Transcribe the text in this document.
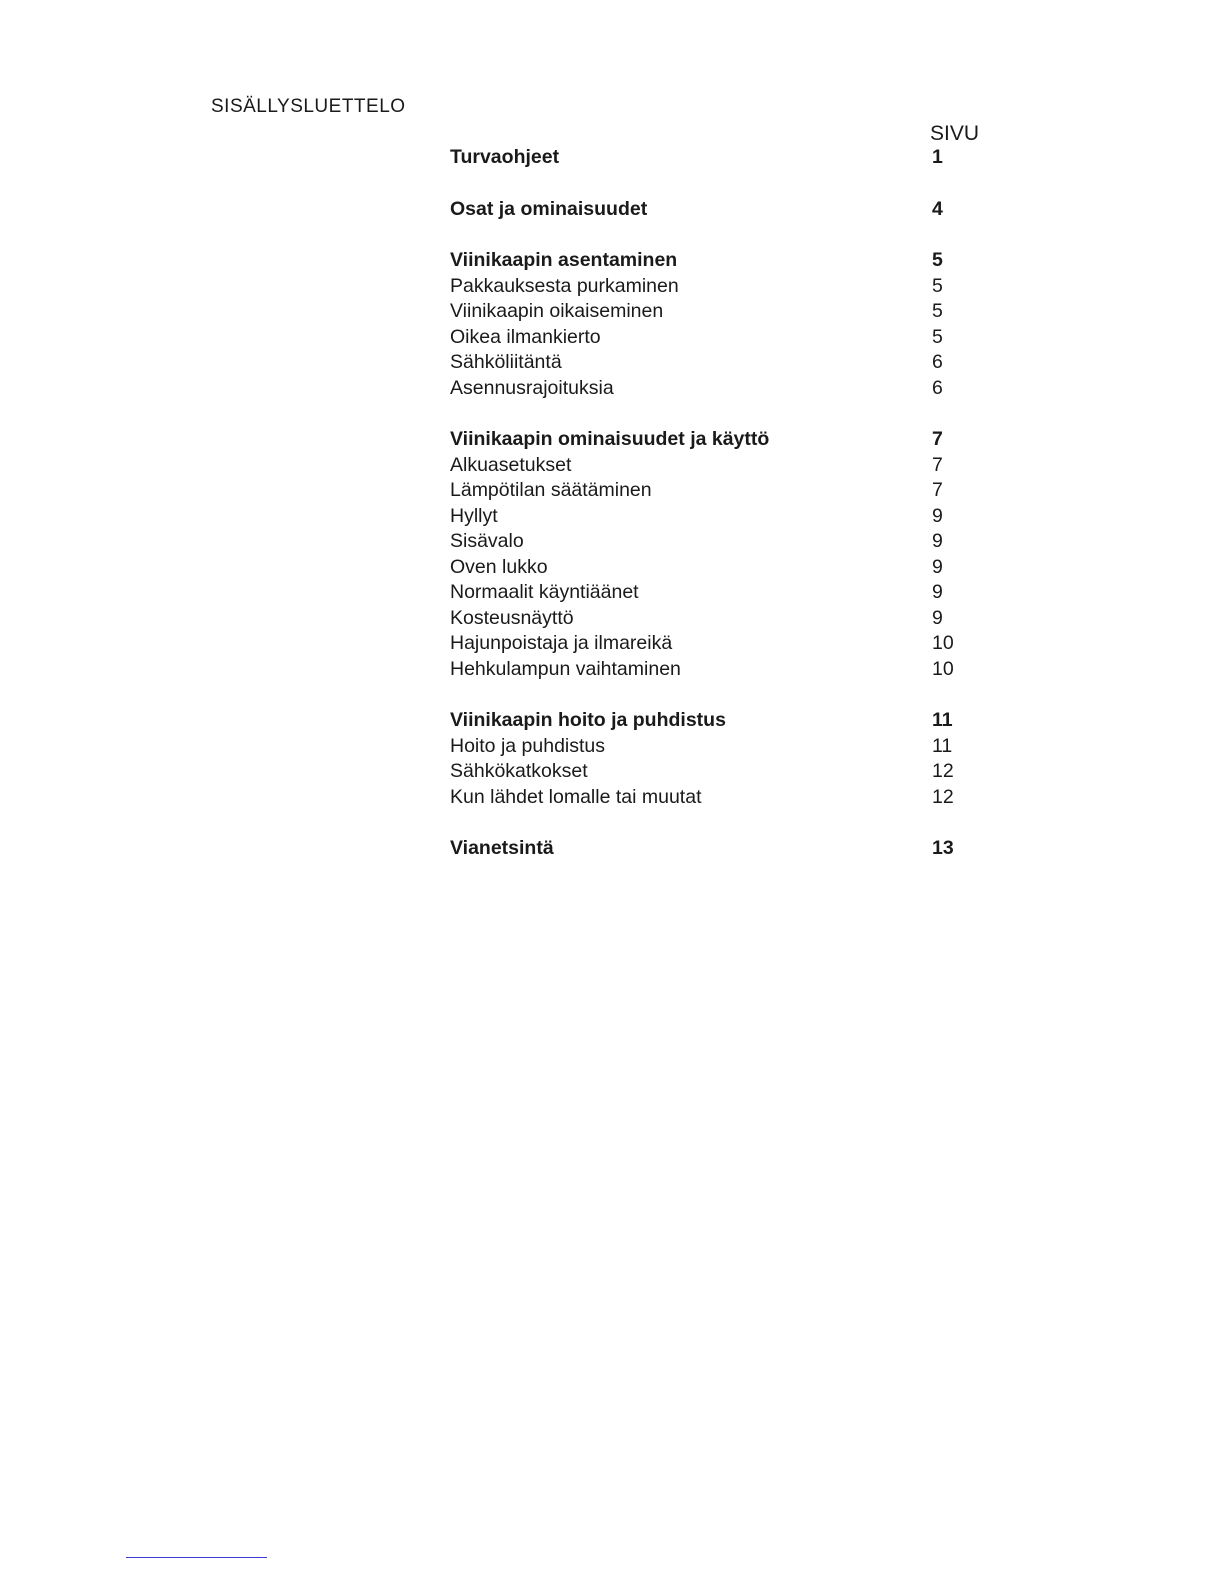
SISÄLLYSLUETTELO
SIVU
Turvaohjeet	1
Osat ja ominaisuudet	4
Viinikaapin asentaminen	5
Pakkauksesta purkaminen	5
Viinikaapin oikaiseminen	5
Oikea ilmankierto	5
Sähköliitäntä	6
Asennusrajoituksia	6
Viinikaapin ominaisuudet ja käyttö	7
Alkuasetukset	7
Lämpötilan säätäminen	7
Hyllyt	9
Sisävalo	9
Oven lukko	9
Normaalit käyntiäänet	9
Kosteusnäyttö	9
Hajunpoistaja ja ilmareikä	10
Hehkulampun vaihtaminen	10
Viinikaapin hoito ja puhdistus	11
Hoito ja puhdistus	11
Sähkökatkokset	12
Kun lähdet lomalle tai muutat	12
Vianetsintä	13
